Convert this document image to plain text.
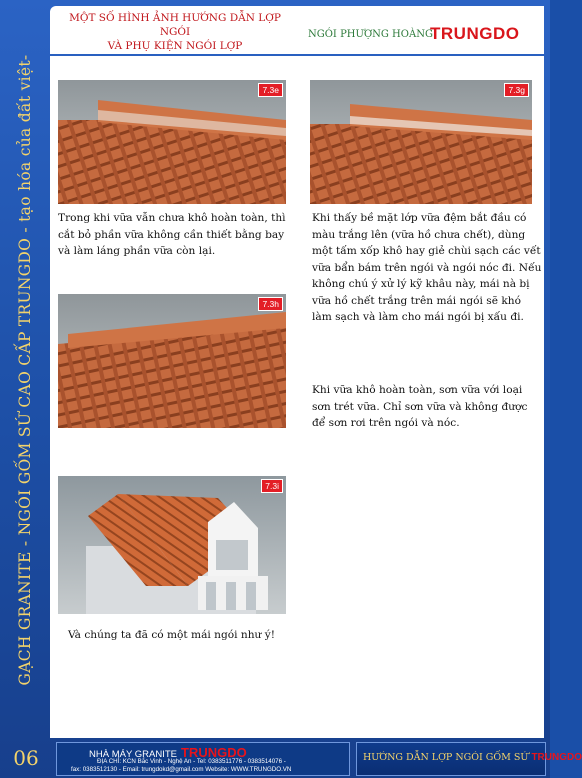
GẠCH GRANITE - NGÓI GỐM SỨ CAO CẤP TRUNGDO - tạo hóa của đất việt-
MỘT SỐ HÌNH ẢNH HƯỚNG DẪN LỢP NGÓI
VÀ PHỤ KIỆN NGÓI LỢP
NGÓI PHƯỢNG HOÀNG
TRUNGDO
7.3e
Trong khi vữa vẫn chưa khô hoàn toàn, thì cắt bỏ phần vữa không cần thiết bằng bay và làm láng phần vữa còn lại.
7.3g
Khi thấy bề mặt lớp vữa đệm bắt đầu có màu trắng lên (vữa hồ chưa chết), dùng một tấm xốp khô hay giẻ chùi sạch các vết vữa bẩn bám trên ngói và ngói nóc đi. Nếu không chú ý xử lý kỹ khâu này, mái nà bị vữa hồ chết trắng trên mái ngói sẽ khó làm sạch và làm cho mái ngói bị xấu đi.
7.3h
Khi vữa khô hoàn toàn, sơn vữa với loại sơn trét vữa. Chỉ sơn vữa và không được để sơn rơi trên ngói và nóc.
7.3i
Và chúng ta đã có một mái ngói như ý!
06	NHÀ MÁY GRANITE TRUNGDO
ĐỊA CHỈ: KCN Bắc Vinh - Nghệ An - Tel: 0383511776 - 0383514076 -
fax: 0383512130 - Email: trungdokd@gmail.com Website: WWW.TRUNGDO.VN
HƯỚNG DẪN LỢP NGÓI GỐM SỨ TRUNGDO
